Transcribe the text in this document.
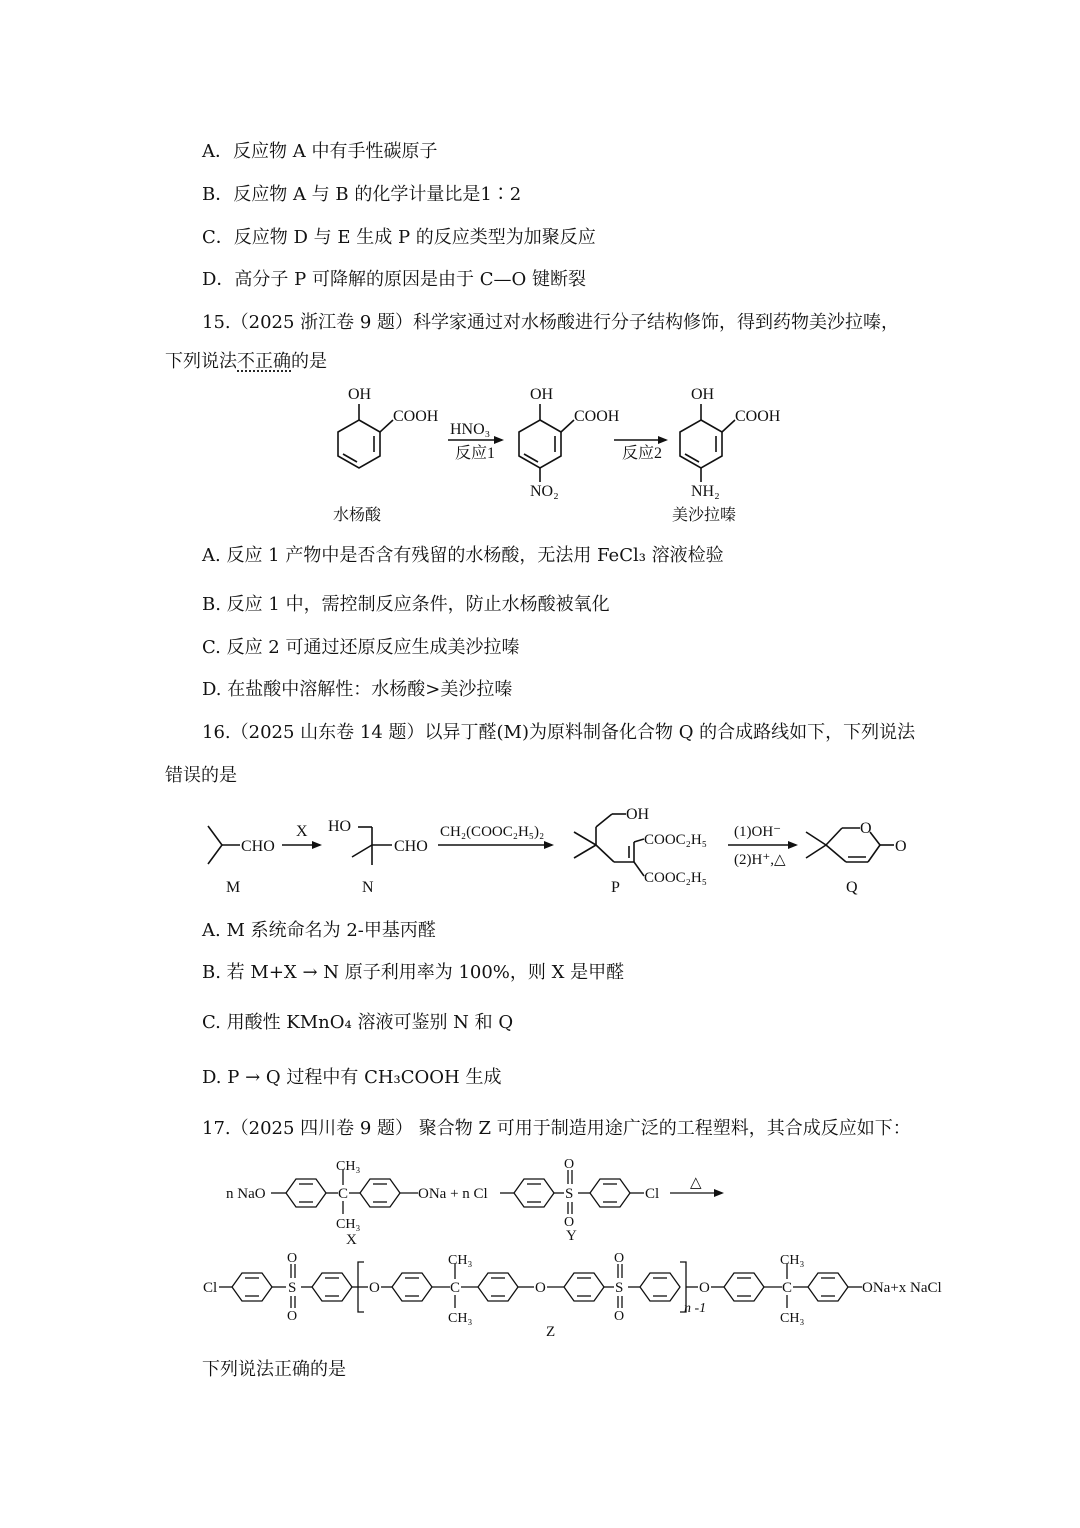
A．反应物 A 中有手性碳原子
B．反应物 A 与 B 的化学计量比是1∶2
C．反应物 D 与 E 生成 P 的反应类型为加聚反应
D．高分子 P 可降解的原因是由于 C—O 键断裂
15.（2025 浙江卷 9 题）科学家通过对水杨酸进行分子结构修饰，得到药物美沙拉嗪，
下列说法不正确的是
OH
COOH
水杨酸
HNO₃
反应1
OH
COOH
NO₂
反应2
OH
COOH
NH₂
美沙拉嗪
CHO
M
X HO
CHO
N
CH₂(COOC₂H₅)₂
OH
COOC₂H₅
COOC₂H₅
P
(1)OH⁻
(2)H⁺,△
O
O
Q
n NaO	C
CH₃
CH₃
ONa + n Cl
X
S
O
O
Cl
Y
△
Cl	S
O
O
O	C
CH₃
CH₃
O	S
O
O
n -1
O	C
CH₃
CH₃
ONa+x NaCl
Z
A. 反应 1 产物中是否含有残留的水杨酸，无法用 FeCl₃ 溶液检验
B. 反应 1 中，需控制反应条件，防止水杨酸被氧化
C. 反应 2 可通过还原反应生成美沙拉嗪
D. 在盐酸中溶解性：水杨酸>美沙拉嗪
16.（2025 山东卷 14 题）以异丁醛(M)为原料制备化合物 Q 的合成路线如下，下列说法
错误的是
A. M 系统命名为 2-甲基丙醛
B. 若 M+X → N 原子利用率为 100%，则 X 是甲醛
C. 用酸性 KMnO₄ 溶液可鉴别 N 和 Q
D. P → Q 过程中有 CH₃COOH 生成
17.（2025 四川卷 9 题） 聚合物 Z 可用于制造用途广泛的工程塑料，其合成反应如下：
下列说法正确的是
